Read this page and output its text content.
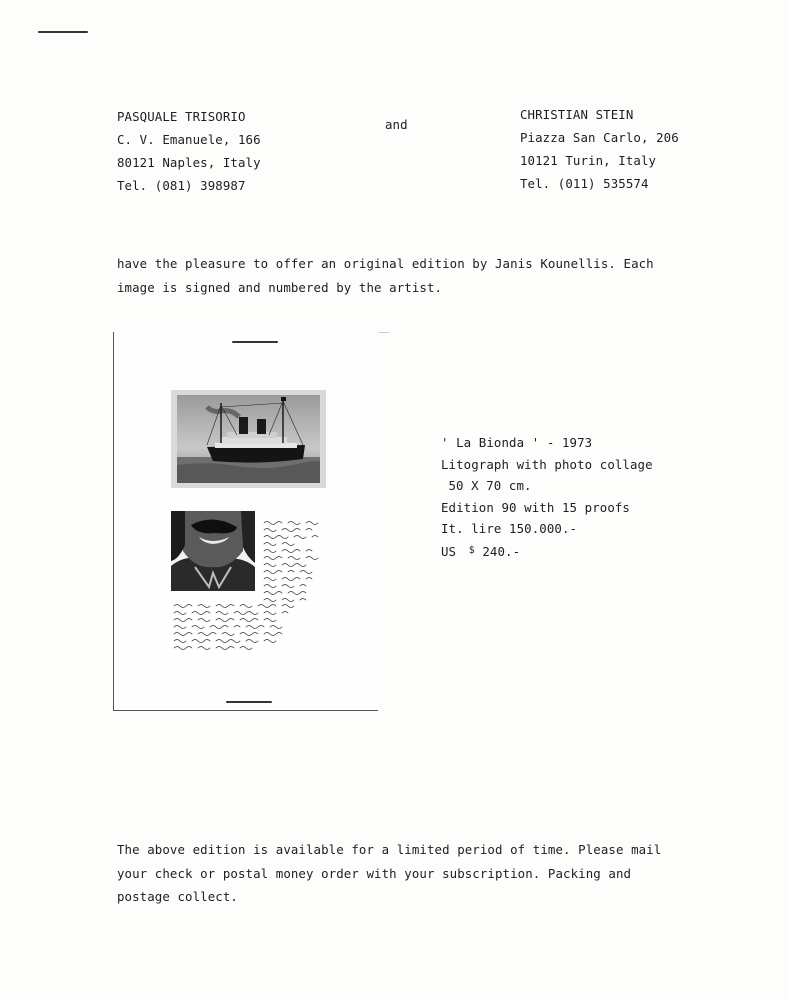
PASQUALE TRISORIO
C. V. Emanuele, 166
80121 Naples, Italy
Tel. (081) 398987
and
CHRISTIAN STEIN
Piazza San Carlo, 206
10121 Turin, Italy
Tel. (011) 535574
have the pleasure to offer an original edition by Janis Kounellis. Each
image is signed and numbered by the artist.
' La Bionda ' - 1973
Litograph with photo collage
50 X 70 cm.
Edition 90 with 15 proofs
It. lire 150.000.-
US $ 240.-
The above edition is available for a limited period of time. Please mail
your check or postal money order with your subscription. Packing and
postage collect.
